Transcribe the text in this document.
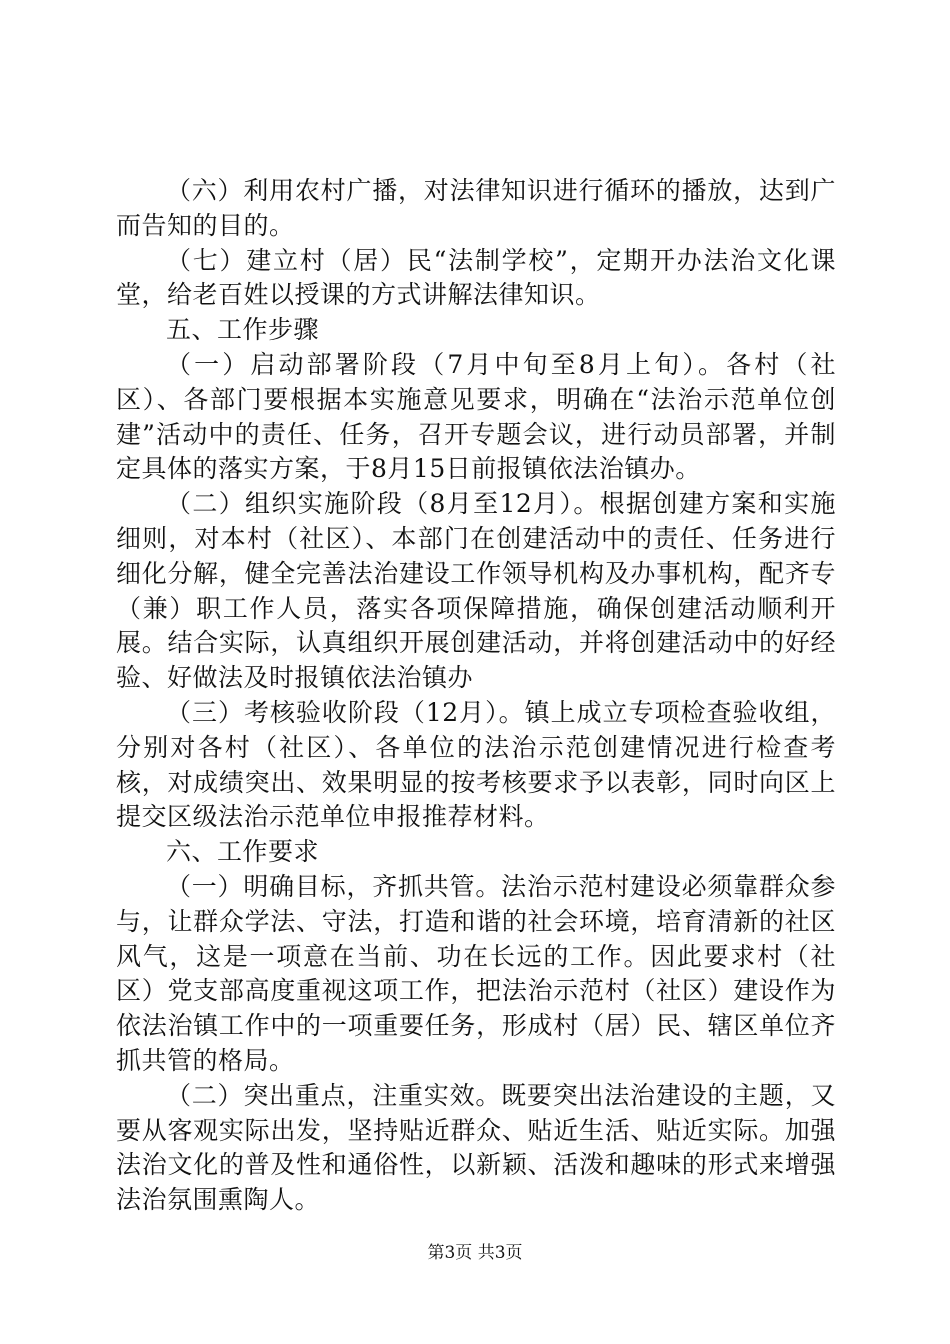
（六）利用农村广播，对法律知识进行循环的播放，达到广而告知的目的。

（七）建立村（居）民“法制学校”，定期开办法治文化课堂，给老百姓以授课的方式讲解法律知识。

五、工作步骤

（一）启动部署阶段（7月中旬至8月上旬）。各村（社区）、各部门要根据本实施意见要求，明确在“法治示范单位创建”活动中的责任、任务，召开专题会议，进行动员部署，并制定具体的落实方案，于8月15日前报镇依法治镇办。

（二）组织实施阶段（8月至12月）。根据创建方案和实施细则，对本村（社区）、本部门在创建活动中的责任、任务进行细化分解，健全完善法治建设工作领导机构及办事机构，配齐专（兼）职工作人员，落实各项保障措施，确保创建活动顺利开展。结合实际，认真组织开展创建活动，并将创建活动中的好经验、好做法及时报镇依法治镇办

（三）考核验收阶段（12月）。镇上成立专项检查验收组，分别对各村（社区）、各单位的法治示范创建情况进行检查考核，对成绩突出、效果明显的按考核要求予以表彰，同时向区上提交区级法治示范单位申报推荐材料。

六、工作要求

（一）明确目标，齐抓共管。法治示范村建设必须靠群众参与，让群众学法、守法，打造和谐的社会环境，培育清新的社区风气，这是一项意在当前、功在长远的工作。因此要求村（社区）党支部高度重视这项工作，把法治示范村（社区）建设作为依法治镇工作中的一项重要任务，形成村（居）民、辖区单位齐抓共管的格局。

（二）突出重点，注重实效。既要突出法治建设的主题，又要从客观实际出发，坚持贴近群众、贴近生活、贴近实际。加强法治文化的普及性和通俗性，以新颖、活泼和趣味的形式来增强法治氛围熏陶人。

第3页 共3页
